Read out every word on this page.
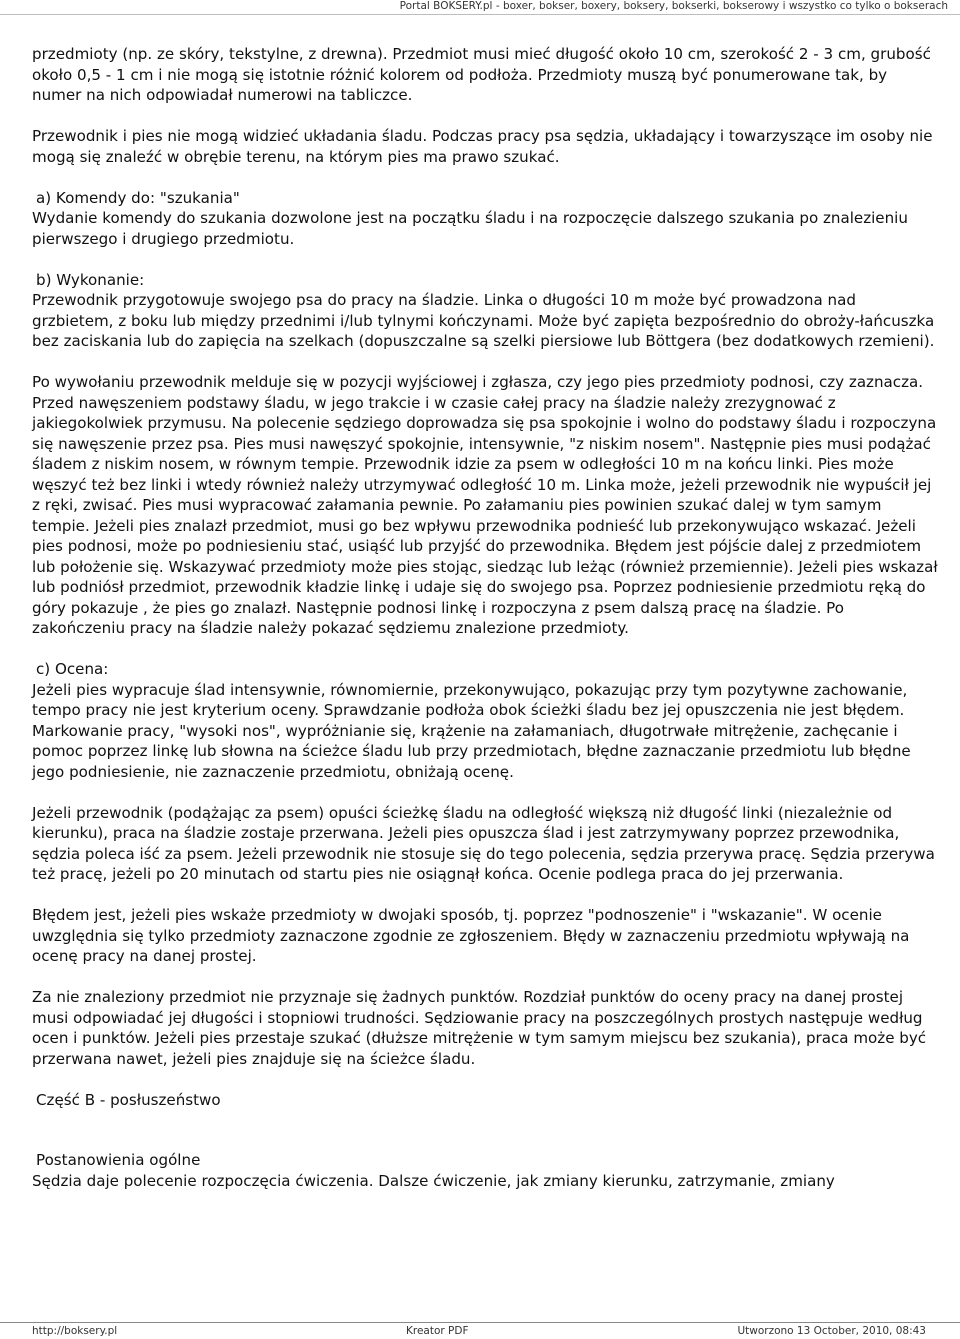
Portal BOKSERY.pl - boxer, bokser, boxery, boksery, bokserki, bokserowy i wszystko co tylko o bokserach

przedmioty (np. ze skóry, tekstylne, z drewna). Przedmiot musi mieć długość około 10 cm, szerokość 2 - 3 cm, grubość około 0,5 - 1 cm i nie mogą się istotnie różnić kolorem od podłoża. Przedmioty muszą być ponumerowane tak, by numer na nich odpowiadał numerowi na tabliczce.

Przewodnik i pies nie mogą widzieć układania śladu. Podczas pracy psa sędzia, układający i towarzyszące im osoby nie mogą się znaleźć w obrębie terenu, na którym pies ma prawo szukać.

a) Komendy do: "szukania"

Wydanie komendy do szukania dozwolone jest na początku śladu i na rozpoczęcie dalszego szukania po znalezieniu pierwszego i drugiego przedmiotu.

b) Wykonanie:

Przewodnik przygotowuje swojego psa do pracy na śladzie. Linka o długości 10 m może być prowadzona nad grzbietem, z boku lub między przednimi i/lub tylnymi kończynami. Może być zapięta bezpośrednio do obroży-łańcuszka bez zaciskania lub do zapięcia na szelkach (dopuszczalne są szelki piersiowe lub Böttgera (bez dodatkowych rzemieni).

Po wywołaniu przewodnik melduje się w pozycji wyjściowej i zgłasza, czy jego pies przedmioty podnosi, czy zaznacza. Przed nawęszeniem podstawy śladu, w jego trakcie i w czasie całej pracy na śladzie należy zrezygnować z jakiegokolwiek przymusu. Na polecenie sędziego doprowadza się psa spokojnie i wolno do podstawy śladu i rozpoczyna się nawęszenie przez psa. Pies musi nawęszyć spokojnie, intensywnie, "z niskim nosem". Następnie pies musi podążać śladem z niskim nosem, w równym tempie. Przewodnik idzie za psem w odległości 10 m na końcu linki. Pies może węszyć też bez linki i wtedy również należy utrzymywać odległość 10 m. Linka może, jeżeli przewodnik nie wypuścił jej z ręki, zwisać. Pies musi wypracować załamania pewnie. Po załamaniu pies powinien szukać dalej w tym samym tempie. Jeżeli pies znalazł przedmiot, musi go bez wpływu przewodnika podnieść lub przekonywująco wskazać. Jeżeli pies podnosi, może po podniesieniu stać, usiąść lub przyjść do przewodnika. Błędem jest pójście dalej z przedmiotem lub położenie się. Wskazywać przedmioty może pies stojąc, siedząc lub leżąc (również przemiennie). Jeżeli pies wskazał lub podniósł przedmiot, przewodnik kładzie linkę i udaje się do swojego psa. Poprzez podniesienie przedmiotu ręką do góry pokazuje , że pies go znalazł. Następnie podnosi linkę i rozpoczyna z psem dalszą pracę na śladzie. Po zakończeniu pracy na śladzie należy pokazać sędziemu znalezione przedmioty.

c) Ocena:

Jeżeli pies wypracuje ślad intensywnie, równomiernie, przekonywująco, pokazując przy tym pozytywne zachowanie, tempo pracy nie jest kryterium oceny. Sprawdzanie podłoża obok ścieżki śladu bez jej opuszczenia nie jest błędem. Markowanie pracy, "wysoki nos", wypróżnianie się, krążenie na załamaniach, długotrwałe mitrężenie, zachęcanie i pomoc poprzez linkę lub słowna na ścieżce śladu lub przy przedmiotach, błędne zaznaczanie przedmiotu lub błędne jego podniesienie, nie zaznaczenie przedmiotu, obniżają ocenę.

Jeżeli przewodnik (podążając za psem) opuści ścieżkę śladu na odległość większą niż długość linki (niezależnie od kierunku), praca na śladzie zostaje przerwana. Jeżeli pies opuszcza ślad i jest zatrzymywany poprzez przewodnika, sędzia poleca iść za psem. Jeżeli przewodnik nie stosuje się do tego polecenia, sędzia przerywa pracę. Sędzia przerywa też pracę, jeżeli po 20 minutach od startu pies nie osiągnął końca. Ocenie podlega praca do jej przerwania.

Błędem jest, jeżeli pies wskaże przedmioty w dwojaki sposób, tj. poprzez "podnoszenie" i "wskazanie". W ocenie uwzględnia się tylko przedmioty zaznaczone zgodnie ze zgłoszeniem. Błędy w zaznaczeniu przedmiotu wpływają na ocenę pracy na danej prostej.

Za nie znaleziony przedmiot nie przyznaje się żadnych punktów. Rozdział punktów do oceny pracy na danej prostej musi odpowiadać jej długości i stopniowi trudności. Sędziowanie pracy na poszczególnych prostych następuje według ocen i punktów. Jeżeli pies przestaje szukać (dłuższe mitrężenie w tym samym miejscu bez szukania), praca może być przerwana nawet, jeżeli pies znajduje się na ścieżce śladu.

Część B - posłuszeństwo

Postanowienia ogólne

Sędzia daje polecenie rozpoczęcia ćwiczenia. Dalsze ćwiczenie, jak zmiany kierunku, zatrzymanie, zmiany

http://boksery.pl	Kreator PDF	Utworzono 13 October, 2010, 08:43
